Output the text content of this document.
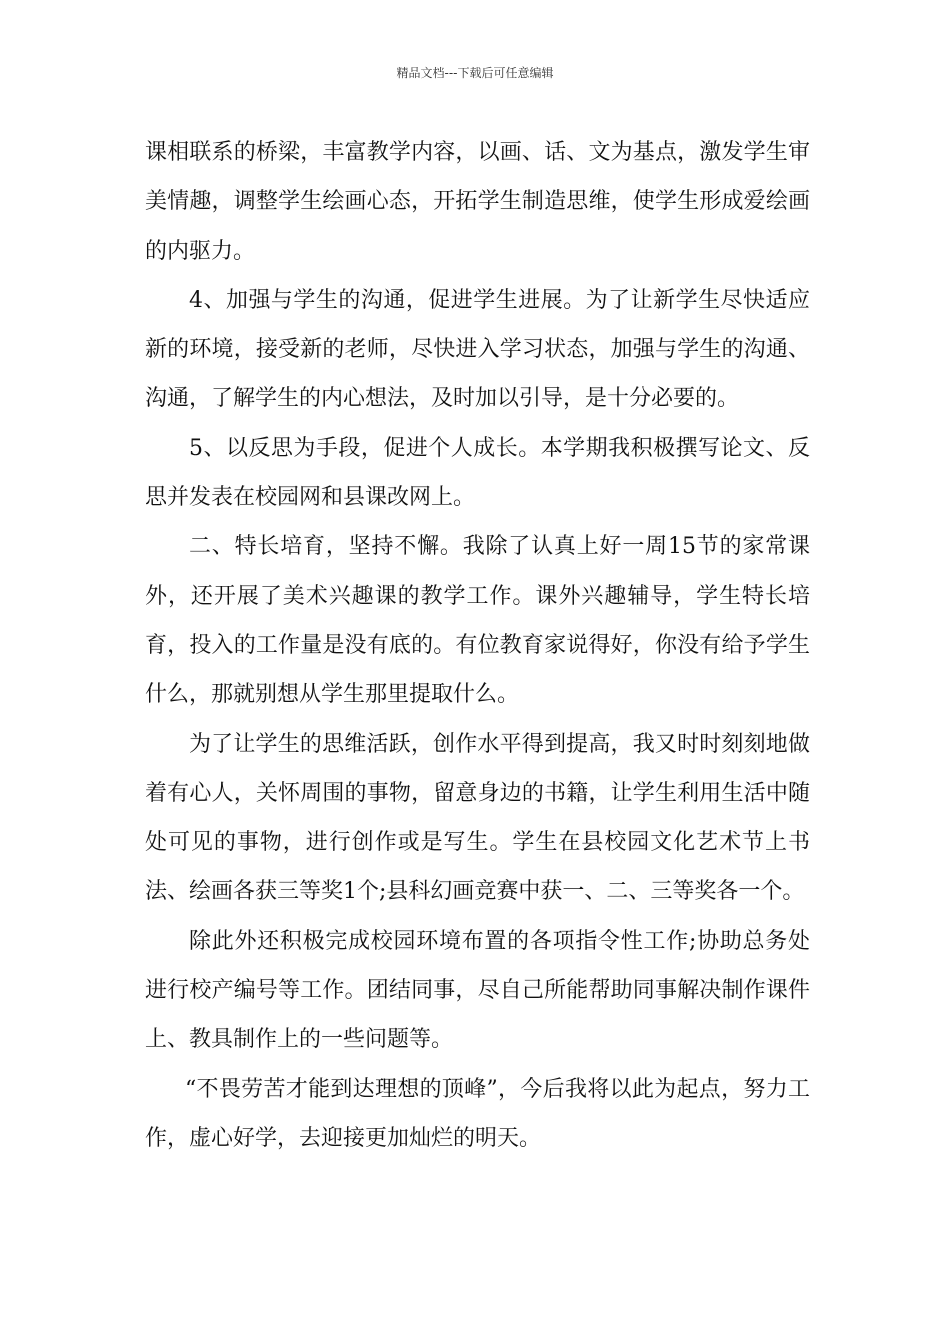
精品文档---下载后可任意编辑

课相联系的桥梁，丰富教学内容，以画、话、文为基点，激发学生审美情趣，调整学生绘画心态，开拓学生制造思维，使学生形成爱绘画的内驱力。

4、加强与学生的沟通，促进学生进展。为了让新学生尽快适应新的环境，接受新的老师，尽快进入学习状态，加强与学生的沟通、沟通，了解学生的内心想法，及时加以引导，是十分必要的。

5、以反思为手段，促进个人成长。本学期我积极撰写论文、反思并发表在校园网和县课改网上。

二、特长培育，坚持不懈。我除了认真上好一周15节的家常课外，还开展了美术兴趣课的教学工作。课外兴趣辅导，学生特长培育，投入的工作量是没有底的。有位教育家说得好，你没有给予学生什么，那就别想从学生那里提取什么。

为了让学生的思维活跃，创作水平得到提高，我又时时刻刻地做着有心人，关怀周围的事物，留意身边的书籍，让学生利用生活中随处可见的事物，进行创作或是写生。学生在县校园文化艺术节上书法、绘画各获三等奖1个;县科幻画竞赛中获一、二、三等奖各一个。

除此外还积极完成校园环境布置的各项指令性工作;协助总务处进行校产编号等工作。团结同事，尽自己所能帮助同事解决制作课件上、教具制作上的一些问题等。

“不畏劳苦才能到达理想的顶峰”，今后我将以此为起点，努力工作，虚心好学，去迎接更加灿烂的明天。
